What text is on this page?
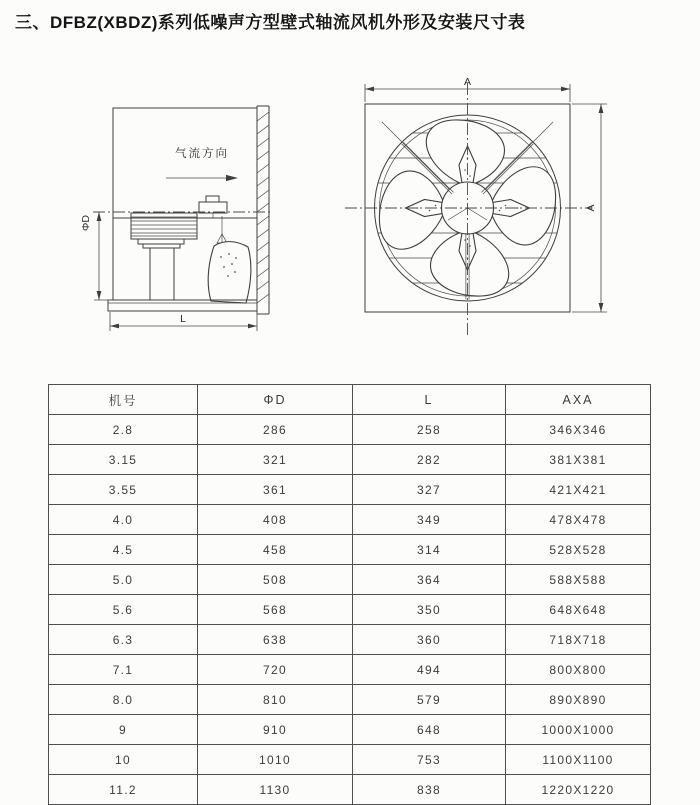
三、DFBZ(XBDZ)系列低噪声方型壁式轴流风机外形及安装尺寸表
气流方向
ΦD
L
A
A
机号	ΦD	L	AXA
2.8	286	258	346X346
3.15	321	282	381X381
3.55	361	327	421X421
4.0	408	349	478X478
4.5	458	314	528X528
5.0	508	364	588X588
5.6	568	350	648X648
6.3	638	360	718X718
7.1	720	494	800X800
8.0	810	579	890X890
9	910	648	1000X1000
10	1010	753	1100X1100
11.2	1130	838	1220X1220
